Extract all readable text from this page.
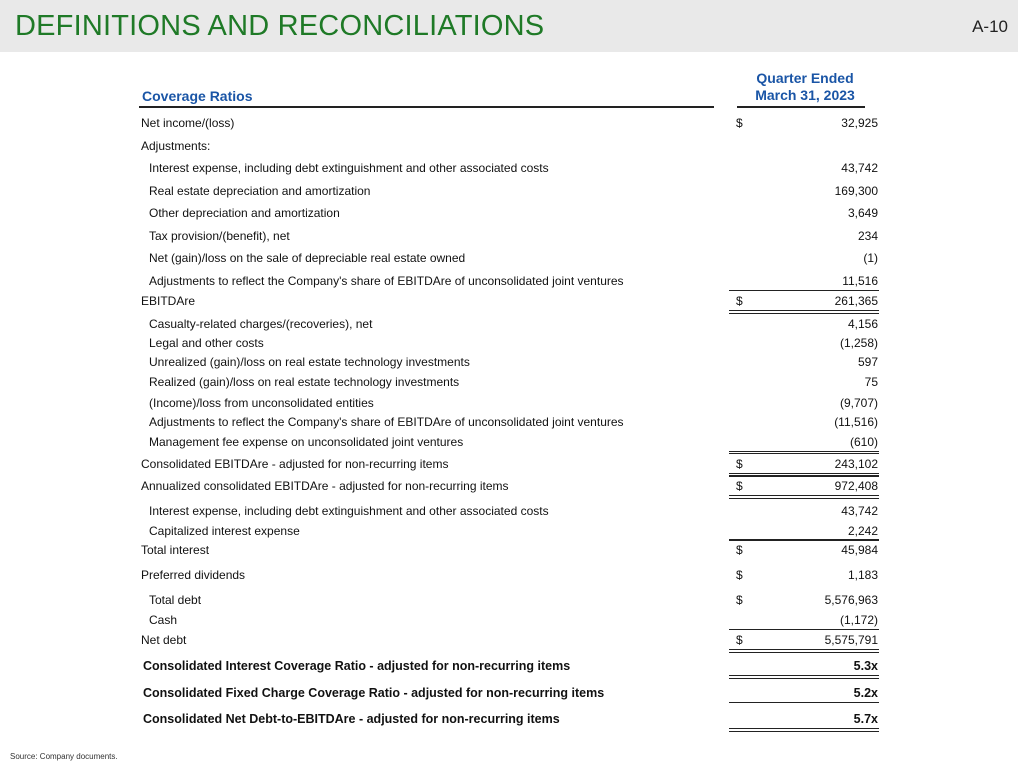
DEFINITIONS AND RECONCILIATIONS	A-10
Coverage Ratios
Quarter Ended
March 31, 2023
Net income/(loss)	$	32,925
Adjustments:
Interest expense, including debt extinguishment and other associated costs	43,742
Real estate depreciation and amortization	169,300
Other depreciation and amortization	3,649
Tax provision/(benefit), net	234
Net (gain)/loss on the sale of depreciable real estate owned	(1)
Adjustments to reflect the Company's share of EBITDAre of unconsolidated joint ventures	11,516
EBITDAre	$	261,365
Casualty-related charges/(recoveries), net	4,156
Legal and other costs	(1,258)
Unrealized (gain)/loss on real estate technology investments	597
Realized (gain)/loss on real estate technology investments	75
(Income)/loss from unconsolidated entities	(9,707)
Adjustments to reflect the Company's share of EBITDAre of unconsolidated joint ventures	(11,516)
Management fee expense on unconsolidated joint ventures	(610)
Consolidated EBITDAre - adjusted for non-recurring items	$	243,102
Annualized consolidated EBITDAre - adjusted for non-recurring items	$	972,408
Interest expense, including debt extinguishment and other associated costs	43,742
Capitalized interest expense	2,242
Total interest	$	45,984
Preferred dividends	$	1,183
Total debt	$	5,576,963
Cash	(1,172)
Net debt	$	5,575,791
Consolidated Interest Coverage Ratio - adjusted for non-recurring items	5.3x
Consolidated Fixed Charge Coverage Ratio - adjusted for non-recurring items	5.2x
Consolidated Net Debt-to-EBITDAre - adjusted for non-recurring items	5.7x
Source: Company documents.
